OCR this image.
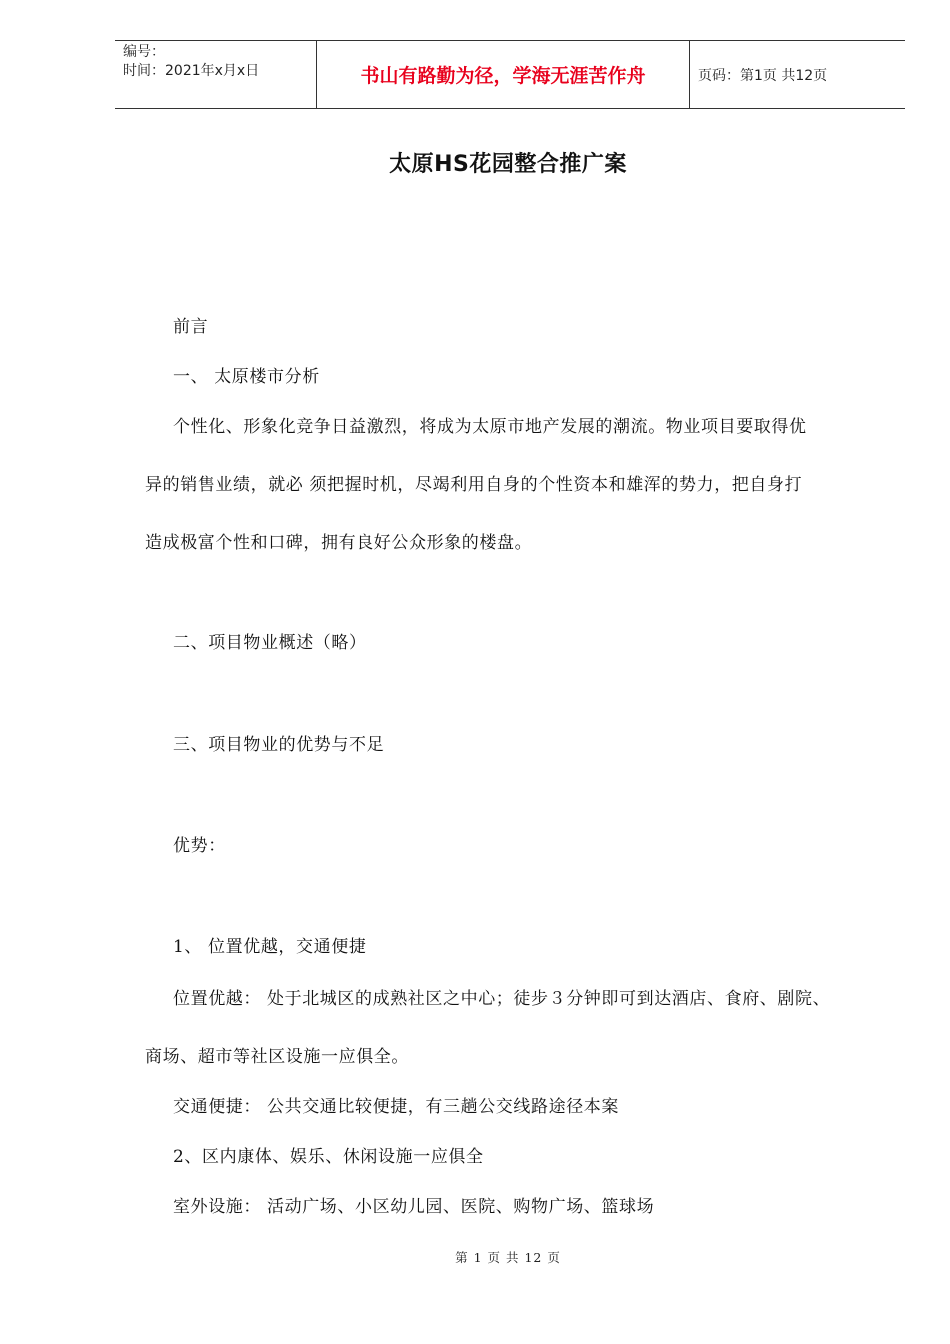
编号：
时间：2021年x月x日	书山有路勤为径，学海无涯苦作舟	页码：第1页 共12页
太原HS花园整合推广案
前言
一、 太原楼市分析
个性化、形象化竞争日益激烈，将成为太原市地产发展的潮流。物业项目要取得优
异的销售业绩，就必 须把握时机，尽竭利用自身的个性资本和雄浑的势力，把自身打
造成极富个性和口碑，拥有良好公众形象的楼盘。
二、项目物业概述（略）
三、项目物业的优势与不足
优势：
1、 位置优越，交通便捷
位置优越： 处于北城区的成熟社区之中心；徒步３分钟即可到达酒店、食府、剧院、
商场、超市等社区设施一应俱全。
交通便捷： 公共交通比较便捷，有三趟公交线路途径本案
2、区内康体、娱乐、休闲设施一应俱全
室外设施： 活动广场、小区幼儿园、医院、购物广场、篮球场
第 1 页 共 12 页
